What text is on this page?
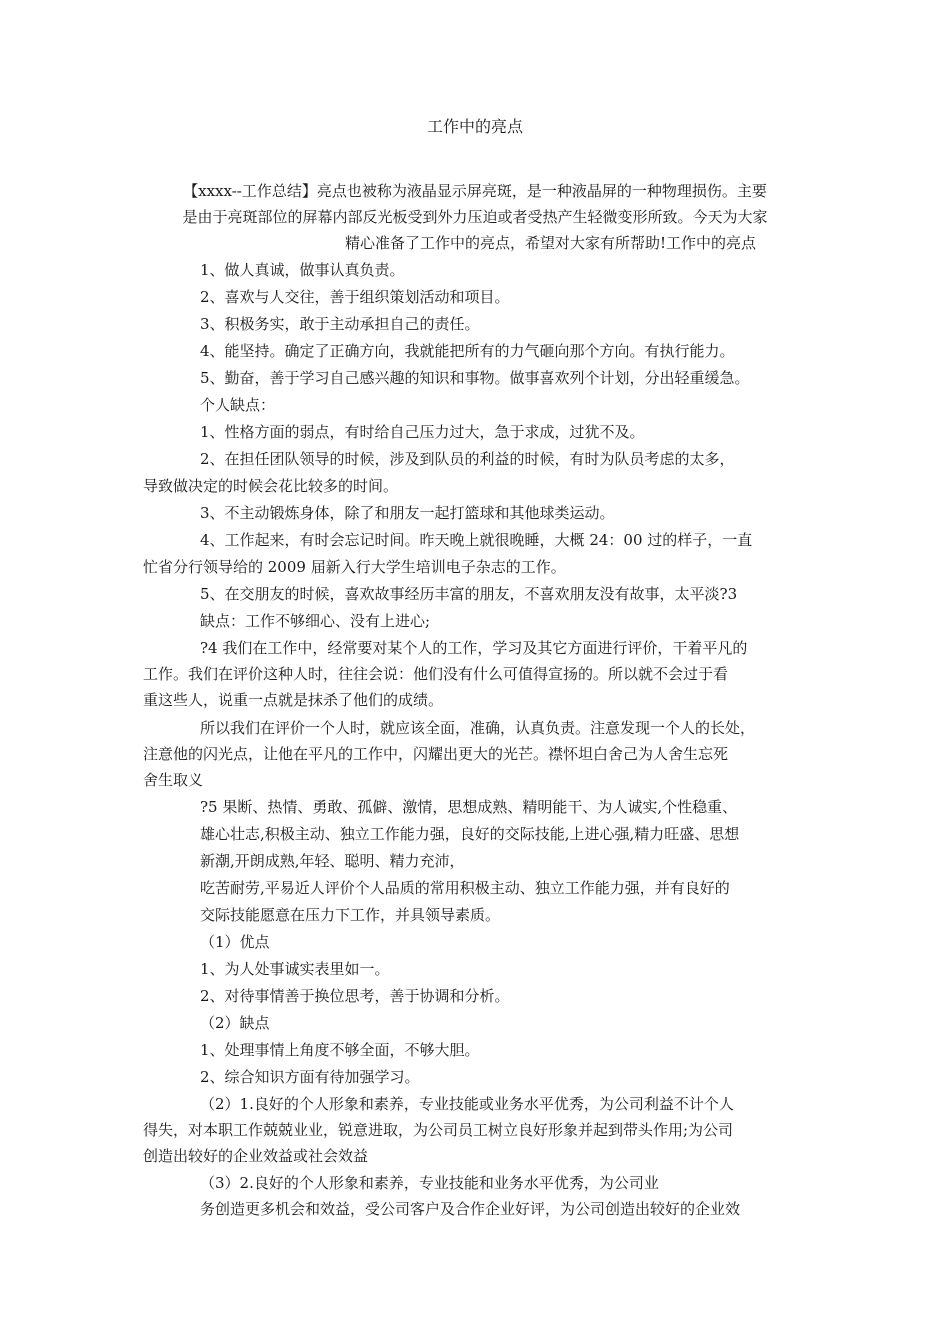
工作中的亮点
【xxxx--工作总结】亮点也被称为液晶显示屏亮斑，是一种液晶屏的一种物理损伤。主要
是由于亮斑部位的屏幕内部反光板受到外力压迫或者受热产生轻微变形所致。今天为大家
精心准备了工作中的亮点，希望对大家有所帮助!工作中的亮点
1、做人真诚，做事认真负责。
2、喜欢与人交往，善于组织策划活动和项目。
3、积极务实，敢于主动承担自己的责任。
4、能坚持。确定了正确方向，我就能把所有的力气砸向那个方向。有执行能力。
5、勤奋，善于学习自己感兴趣的知识和事物。做事喜欢列个计划，分出轻重缓急。
个人缺点：
1、性格方面的弱点，有时给自己压力过大，急于求成，过犹不及。
2、在担任团队领导的时候，涉及到队员的利益的时候，有时为队员考虑的太多，
导致做决定的时候会花比较多的时间。
3、不主动锻炼身体，除了和朋友一起打篮球和其他球类运动。
4、工作起来，有时会忘记时间。昨天晚上就很晚睡，大概 24：00 过的样子，一直
忙省分行领导给的 2009 届新入行大学生培训电子杂志的工作。
5、在交朋友的时候，喜欢故事经历丰富的朋友，不喜欢朋友没有故事，太平淡?3
缺点：工作不够细心、没有上进心;
?4 我们在工作中，经常要对某个人的工作，学习及其它方面进行评价，干着平凡的
工作。我们在评价这种人时，往往会说：他们没有什么可值得宣扬的。所以就不会过于看
重这些人，说重一点就是抹杀了他们的成绩。
所以我们在评价一个人时，就应该全面，准确，认真负责。注意发现一个人的长处，
注意他的闪光点，让他在平凡的工作中，闪耀出更大的光芒。襟怀坦白舍己为人舍生忘死
舍生取义
?5 果断、热情、勇敢、孤僻、激情，思想成熟、精明能干、为人诚实,个性稳重、
雄心壮志,积极主动、独立工作能力强，良好的交际技能,上进心强,精力旺盛、思想
新潮,开朗成熟,年轻、聪明、精力充沛，
吃苦耐劳,平易近人评价个人品质的常用积极主动、独立工作能力强，并有良好的
交际技能愿意在压力下工作，并具领导素质。
（1）优点
1、为人处事诚实表里如一。
2、对待事情善于换位思考，善于协调和分析。
（2）缺点
1、处理事情上角度不够全面，不够大胆。
2、综合知识方面有待加强学习。
（2）1.良好的个人形象和素养，专业技能或业务水平优秀，为公司利益不计个人
得失，对本职工作兢兢业业，锐意进取，为公司员工树立良好形象并起到带头作用;为公司
创造出较好的企业效益或社会效益
（3）2.良好的个人形象和素养，专业技能和业务水平优秀，为公司业
务创造更多机会和效益，受公司客户及合作企业好评，为公司创造出较好的企业效
